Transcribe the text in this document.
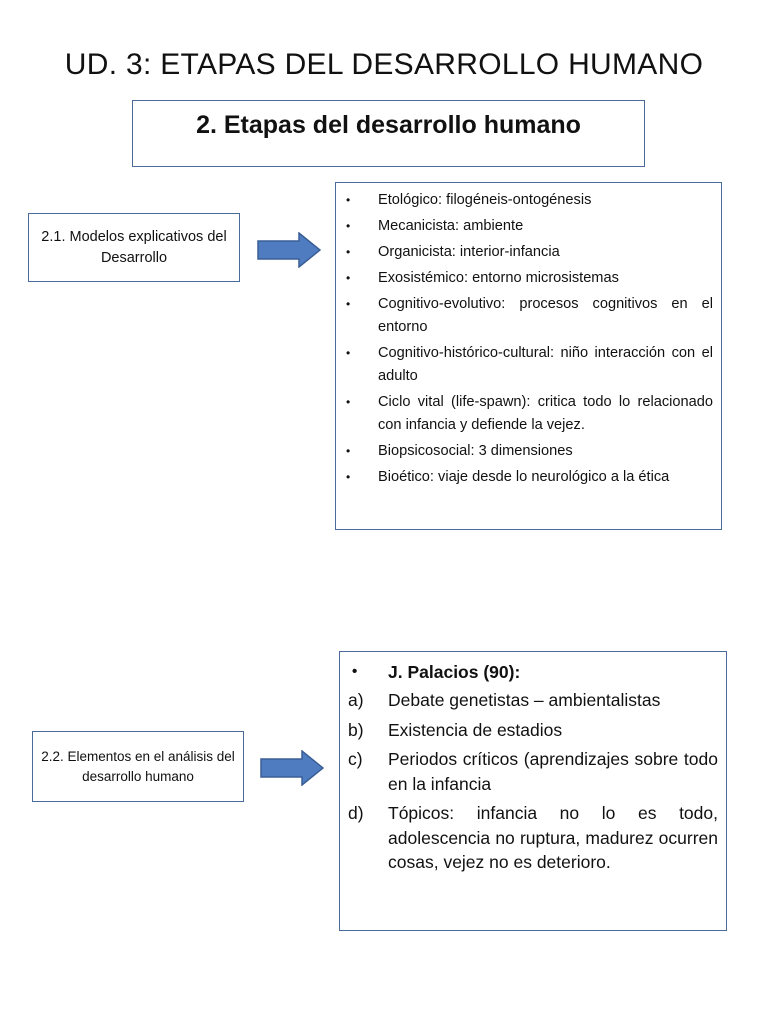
UD. 3: ETAPAS DEL DESARROLLO HUMANO
2. Etapas del desarrollo humano
2.1. Modelos explicativos del Desarrollo
• Etológico: filogéneis-ontogénesis
• Mecanicista: ambiente
• Organicista: interior-infancia
• Exosistémico: entorno microsistemas
• Cognitivo-evolutivo: procesos cognitivos en el entorno
• Cognitivo-histórico-cultural: niño interacción con el adulto
• Ciclo vital (life-spawn): critica todo lo relacionado con infancia y defiende la vejez.
• Biopsicosocial: 3 dimensiones
• Bioético: viaje desde lo neurológico a la ética
2.2. Elementos en el análisis del desarrollo humano
• J. Palacios (90):
a) Debate genetistas – ambientalistas
b) Existencia de estadios
c) Periodos críticos (aprendizajes sobre todo en la infancia
d) Tópicos: infancia no lo es todo, adolescencia no ruptura, madurez ocurren cosas, vejez no es deterioro.
